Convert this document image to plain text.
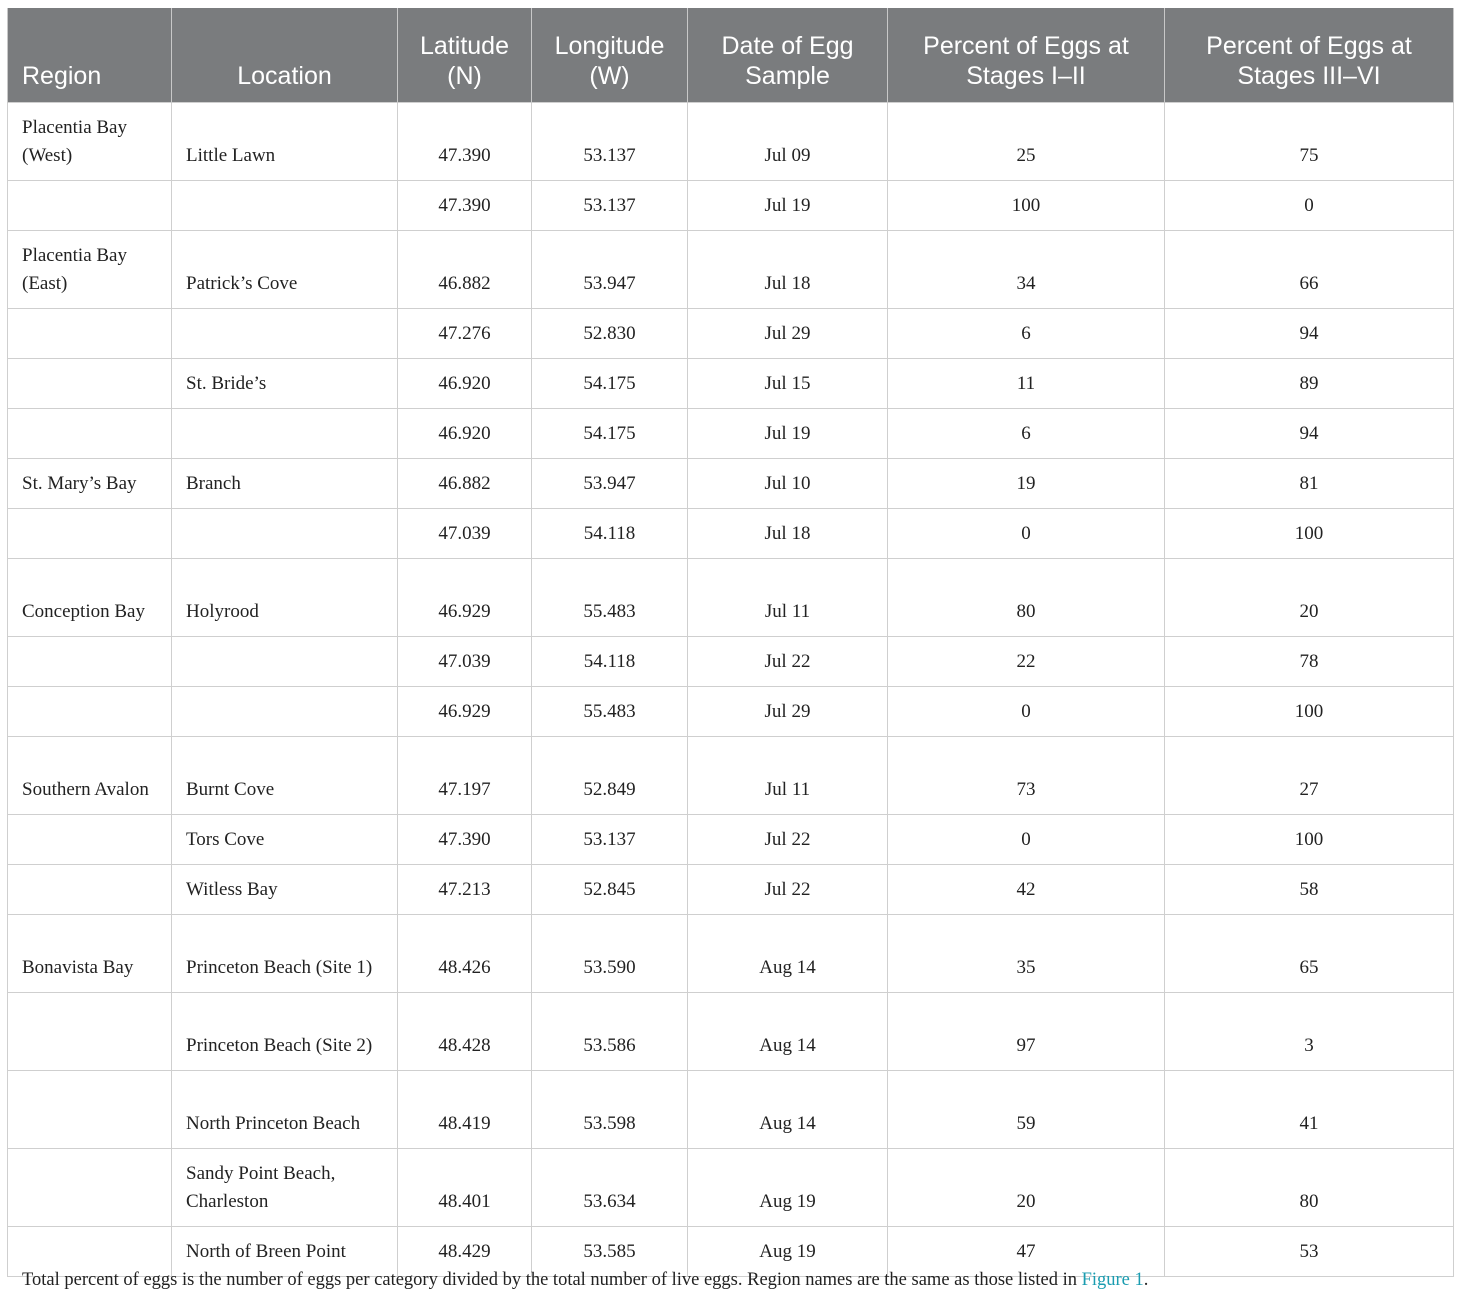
Region	Location	Latitude (N)	Longitude (W)	Date of Egg Sample	Percent of Eggs at Stages I–II	Percent of Eggs at Stages III–VI
Placentia Bay (West)	Little Lawn	47.390	53.137	Jul 09	25	75
		47.390	53.137	Jul 19	100	0
Placentia Bay (East)	Patrick’s Cove	46.882	53.947	Jul 18	34	66
		47.276	52.830	Jul 29	6	94
	St. Bride’s	46.920	54.175	Jul 15	11	89
		46.920	54.175	Jul 19	6	94
St. Mary’s Bay	Branch	46.882	53.947	Jul 10	19	81
		47.039	54.118	Jul 18	0	100
Conception Bay	Holyrood	46.929	55.483	Jul 11	80	20
		47.039	54.118	Jul 22	22	78
		46.929	55.483	Jul 29	0	100
Southern Avalon	Burnt Cove	47.197	52.849	Jul 11	73	27
	Tors Cove	47.390	53.137	Jul 22	0	100
	Witless Bay	47.213	52.845	Jul 22	42	58
Bonavista Bay	Princeton Beach (Site 1)	48.426	53.590	Aug 14	35	65
	Princeton Beach (Site 2)	48.428	53.586	Aug 14	97	3
	North Princeton Beach	48.419	53.598	Aug 14	59	41
	Sandy Point Beach, Charleston	48.401	53.634	Aug 19	20	80
	North of Breen Point	48.429	53.585	Aug 19	47	53
Total percent of eggs is the number of eggs per category divided by the total number of live eggs. Region names are the same as those listed in Figure 1.
